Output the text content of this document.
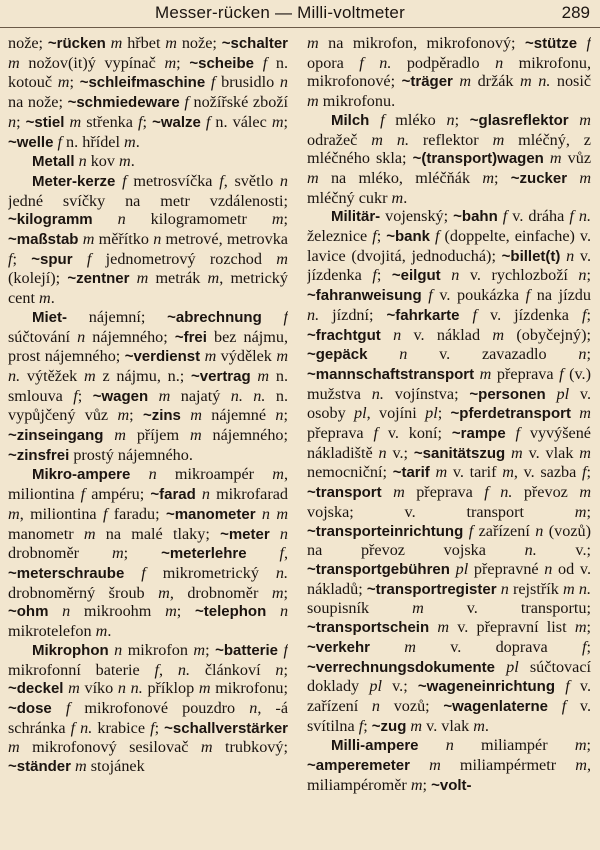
Messer-rücken — Milli-voltmeter	289

nože; ~rücken m hřbet m nože; ~schalter m nožov(it)ý vypínač m; ~scheibe f n. kotouč m; ~schleifmaschine f brusidlo n na nože; ~schmiedeware f nožířské zboží n; ~stiel m střenka f; ~walze f n. válec m; ~welle f n. hřídel m.

Metall n kov m.

Meter-kerze f metrosvíčka f, světlo n jedné svíčky na metr vzdálenosti; ~kilogramm n kilogramometr m; ~maßstab m měřítko n metrové, metrovka f; ~spur f jednometrový rozchod m (kolejí); ~zentner m metrák m, metrický cent m.

Miet- nájemní; ~abrechnung f súčtování n nájemného; ~frei bez nájmu, prost nájemného; ~verdienst m výdělek m n. výtěžek m z nájmu, n.; ~vertrag m n. smlouva f; ~wagen m najatý n. n. n. vypůjčený vůz m; ~zins m nájemné n; ~zinseingang m příjem m nájemného; ~zinsfrei prostý nájemného.

Mikro-ampere n mikroampér m, miliontina f ampéru; ~farad n mikrofarad m, miliontina f faradu; ~manometer n m manometr m na malé tlaky; ~meter n drobnoměr m; ~meterlehre f, ~meterschraube f mikrometrický n. drobnoměrný šroub m, drobnoměr m; ~ohm n mikroohm m; ~telephon n mikrotelefon m.

Mikrophon n mikrofon m; ~batterie f mikrofonní baterie f, n. článkoví n; ~deckel m víko n n. příklop m mikrofonu; ~dose f mikrofonové pouzdro n, -á schránka f n. krabice f; ~schallverstärker m mikrofonový sesilovač m trubkový; ~ständer m stojánek

m na mikrofon, mikrofonový; ~stütze f opora f n. podpěradlo n mikrofonu, mikrofonové; ~träger m držák m n. nosič m mikrofonu.

Milch f mléko n; ~glasreflektor m odražeč m n. reflektor m mléčný, z mléčného skla; ~(transport)wagen m vůz m na mléko, mléčňák m; ~zucker m mléčný cukr m.

Militär- vojenský; ~bahn f v. dráha f n. železnice f; ~bank f (doppelte, einfache) v. lavice (dvojitá, jednoduchá); ~billet(t) n v. jízdenka f; ~eilgut n v. rychlozboží n; ~fahranweisung f v. poukázka f na jízdu n. jízdní; ~fahrkarte f v. jízdenka f; ~frachtgut n v. náklad m (obyčejný); ~gepäck n v. zavazadlo n; ~mannschaftstransport m přeprava f (v.) mužstva n. vojínstva; ~personen pl v. osoby pl, vojíni pl; ~pferdetransport m přeprava f v. koní; ~rampe f vyvýšené nákladiště n v.; ~sanitätszug m v. vlak m nemocniční; ~tarif m v. tarif m, v. sazba f; ~transport m přeprava f n. převoz m vojska; v. transport m; ~transporteinrichtung f zařízení n (vozů) na převoz vojska n. v.; ~transportgebühren pl přepravné n od v. nákladů; ~transportregister n rejstřík m n. soupisník m v. transportu; ~transportschein m v. přepravní list m; ~verkehr m v. doprava f; ~verrechnungsdokumente pl súčtovací doklady pl v.; ~wageneinrichtung f v. zařízení n vozů; ~wagenlaterne f v. svítilna f; ~zug m v. vlak m.

Milli-ampere n miliampér m; ~amperemeter m miliampérmetr m, miliampéroměr m; ~volt-
